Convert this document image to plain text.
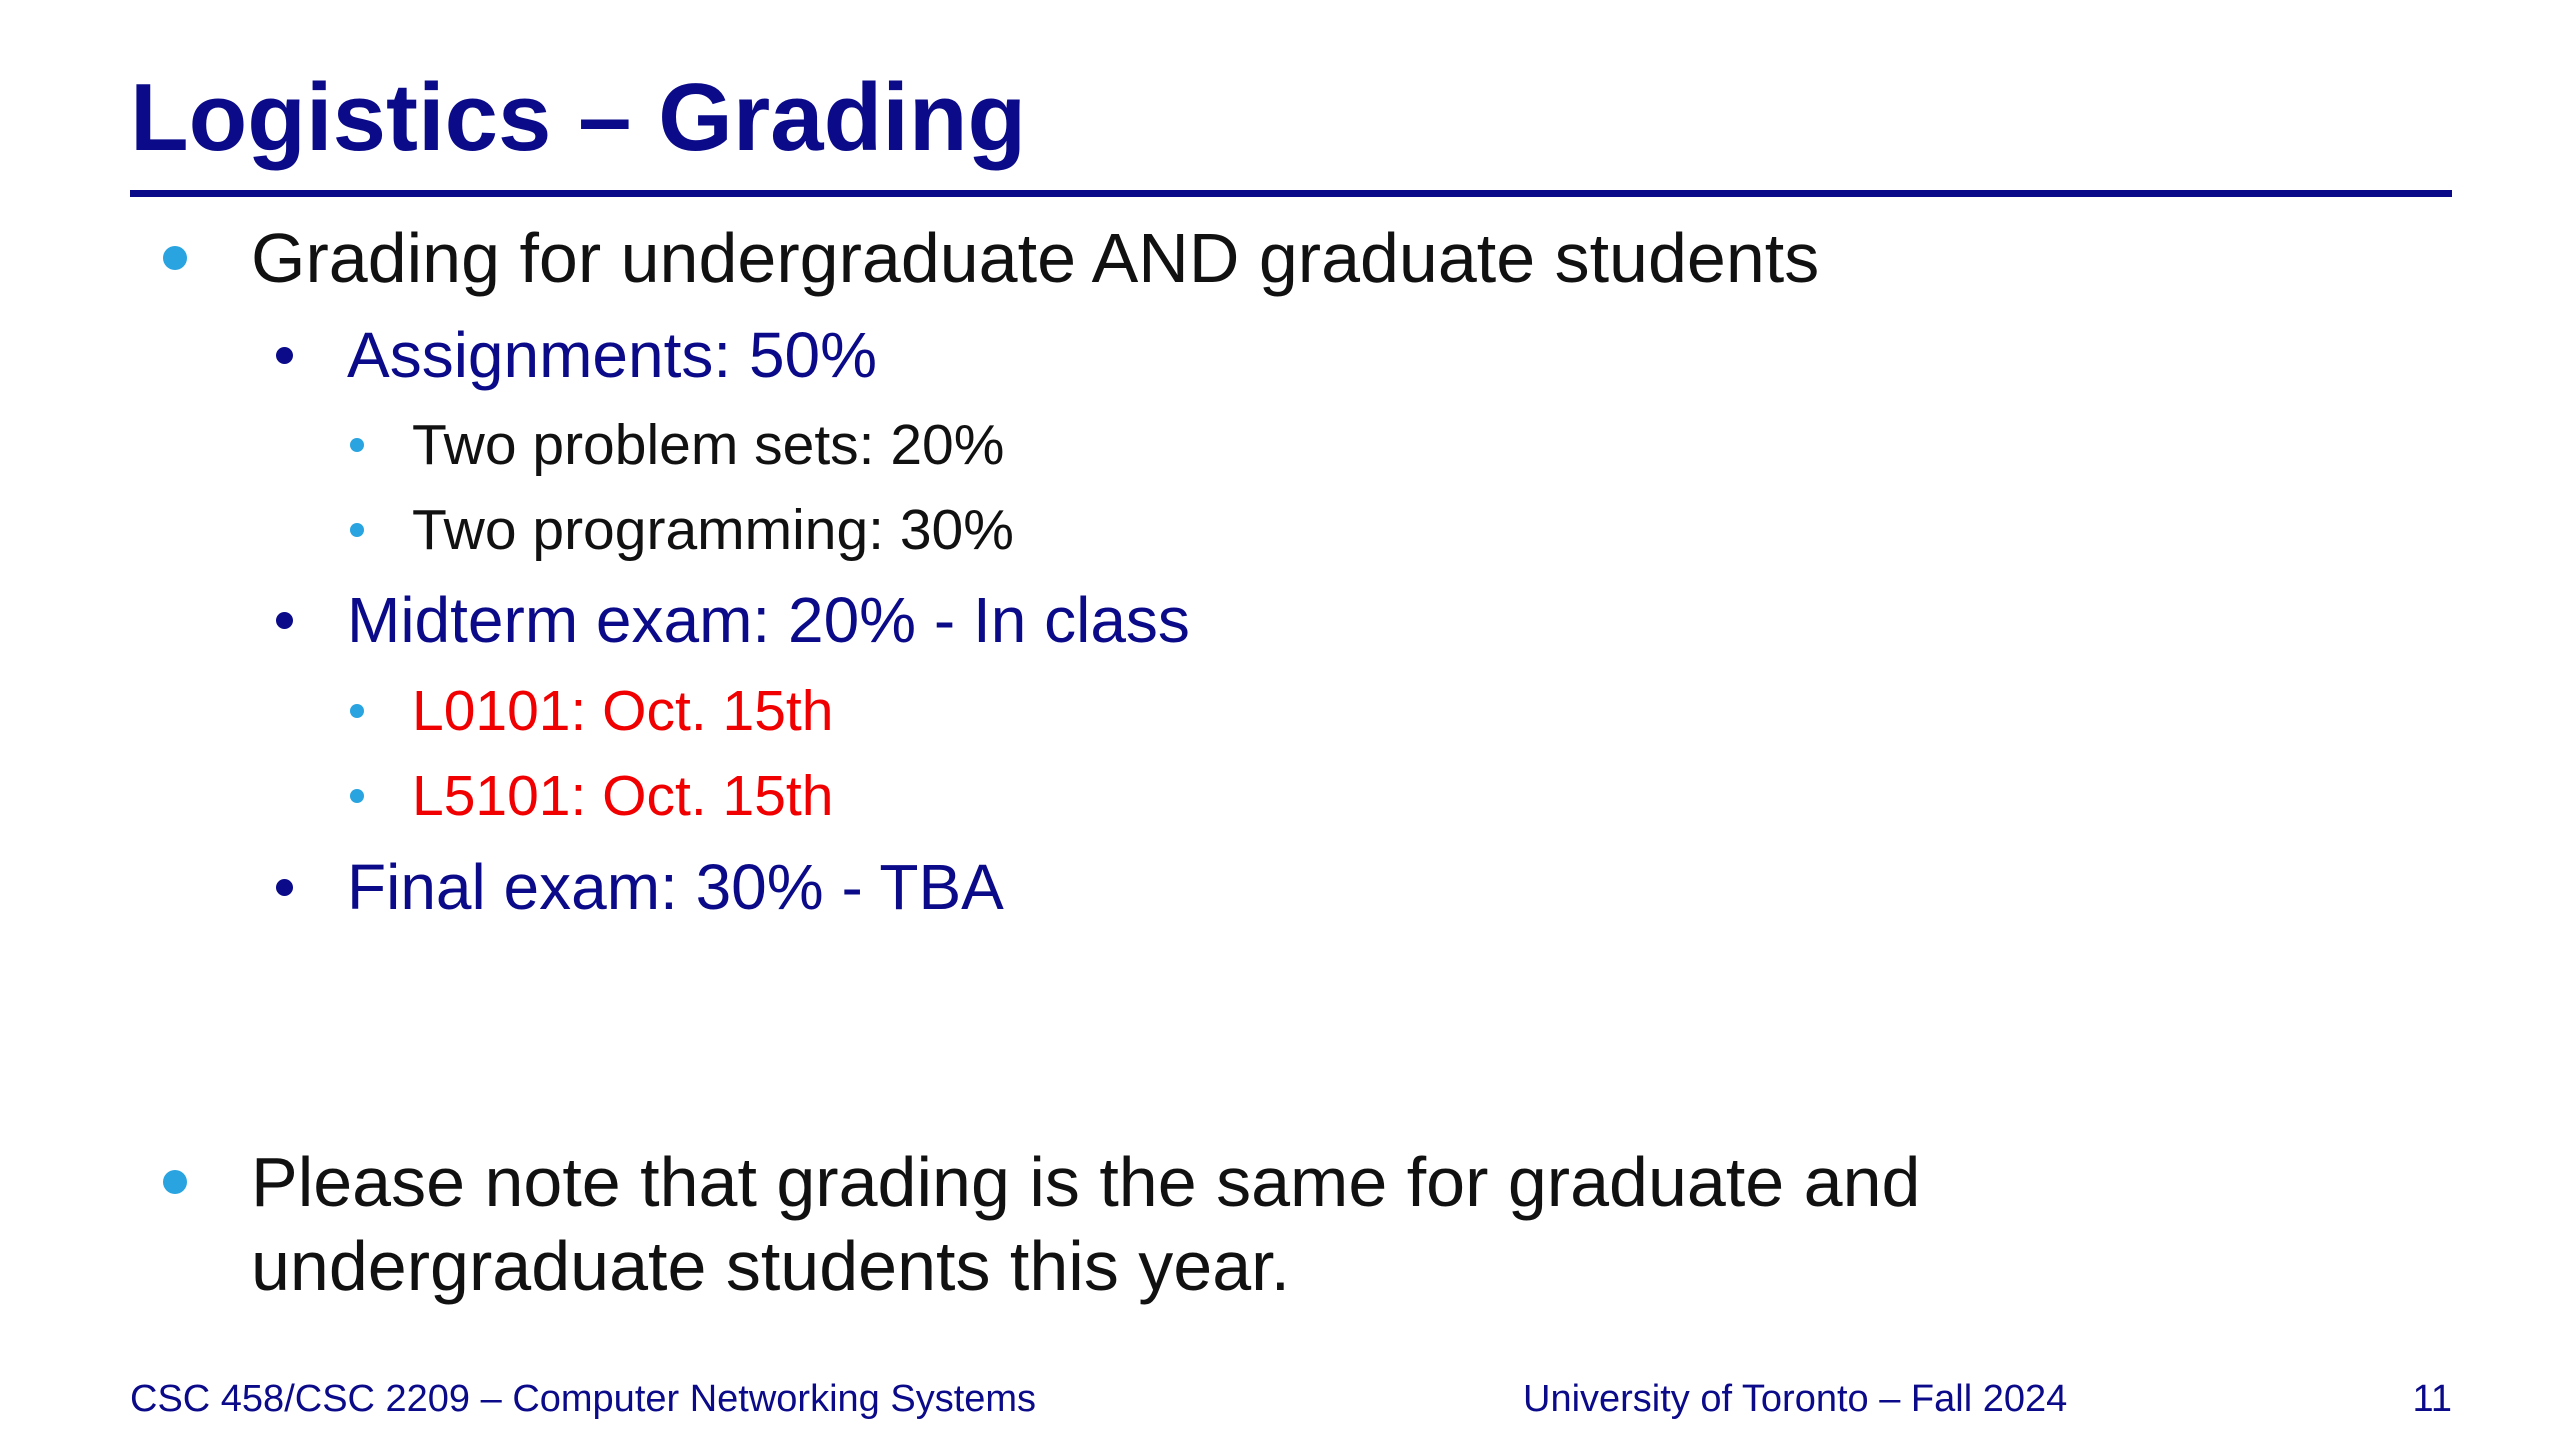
Logistics – Grading
Grading for undergraduate AND graduate students
Assignments: 50%
Two problem sets: 20%
Two programming: 30%
Midterm exam: 20% - In class
L0101: Oct. 15th
L5101: Oct. 15th
Final exam: 30% - TBA
Please note that grading is the same for graduate and undergraduate students this year.
CSC 458/CSC 2209 – Computer Networking Systems	University of Toronto – Fall 2024	11
